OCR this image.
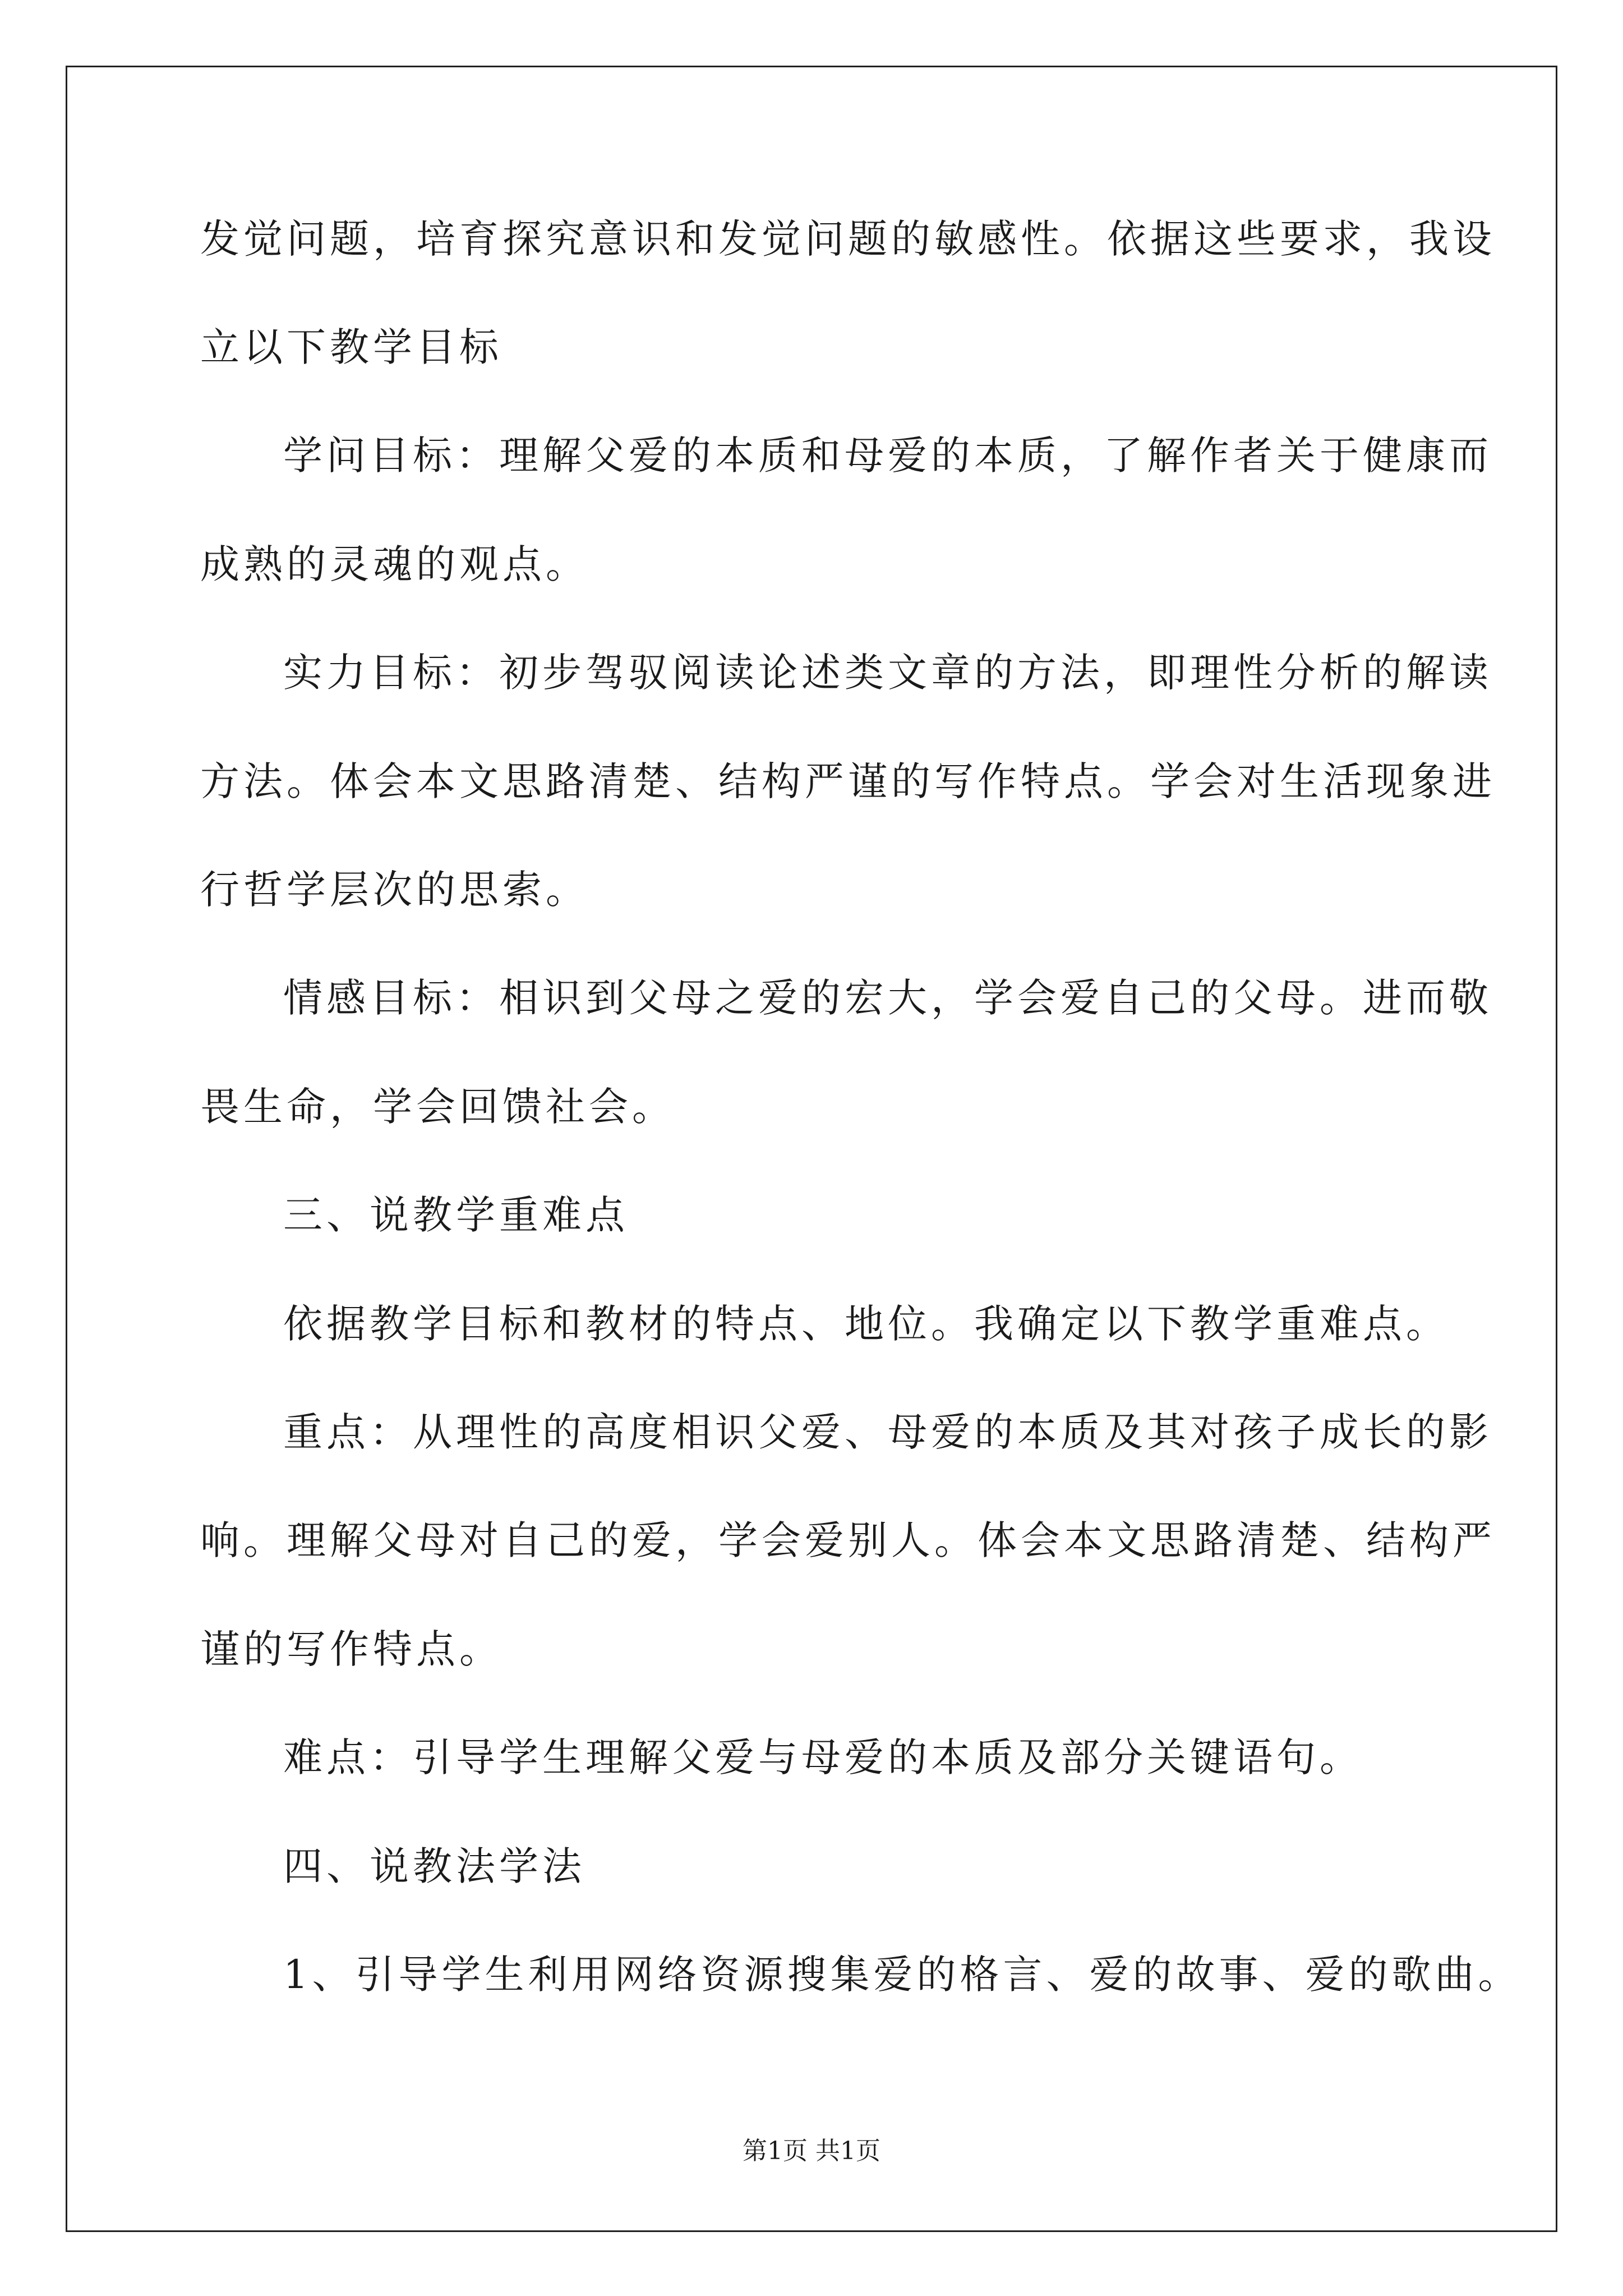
发觉问题，培育探究意识和发觉问题的敏感性。依据这些要求，我设
立以下教学目标
学问目标：理解父爱的本质和母爱的本质，了解作者关于健康而
成熟的灵魂的观点。
实力目标：初步驾驭阅读论述类文章的方法，即理性分析的解读
方法。体会本文思路清楚、结构严谨的写作特点。学会对生活现象进
行哲学层次的思索。
情感目标：相识到父母之爱的宏大，学会爱自己的父母。进而敬
畏生命，学会回馈社会。
三、说教学重难点
依据教学目标和教材的特点、地位。我确定以下教学重难点。
重点：从理性的高度相识父爱、母爱的本质及其对孩子成长的影
响。理解父母对自己的爱，学会爱别人。体会本文思路清楚、结构严
谨的写作特点。
难点：引导学生理解父爱与母爱的本质及部分关键语句。
四、说教法学法
1、引导学生利用网络资源搜集爱的格言、爱的故事、爱的歌曲。
第1页 共1页
